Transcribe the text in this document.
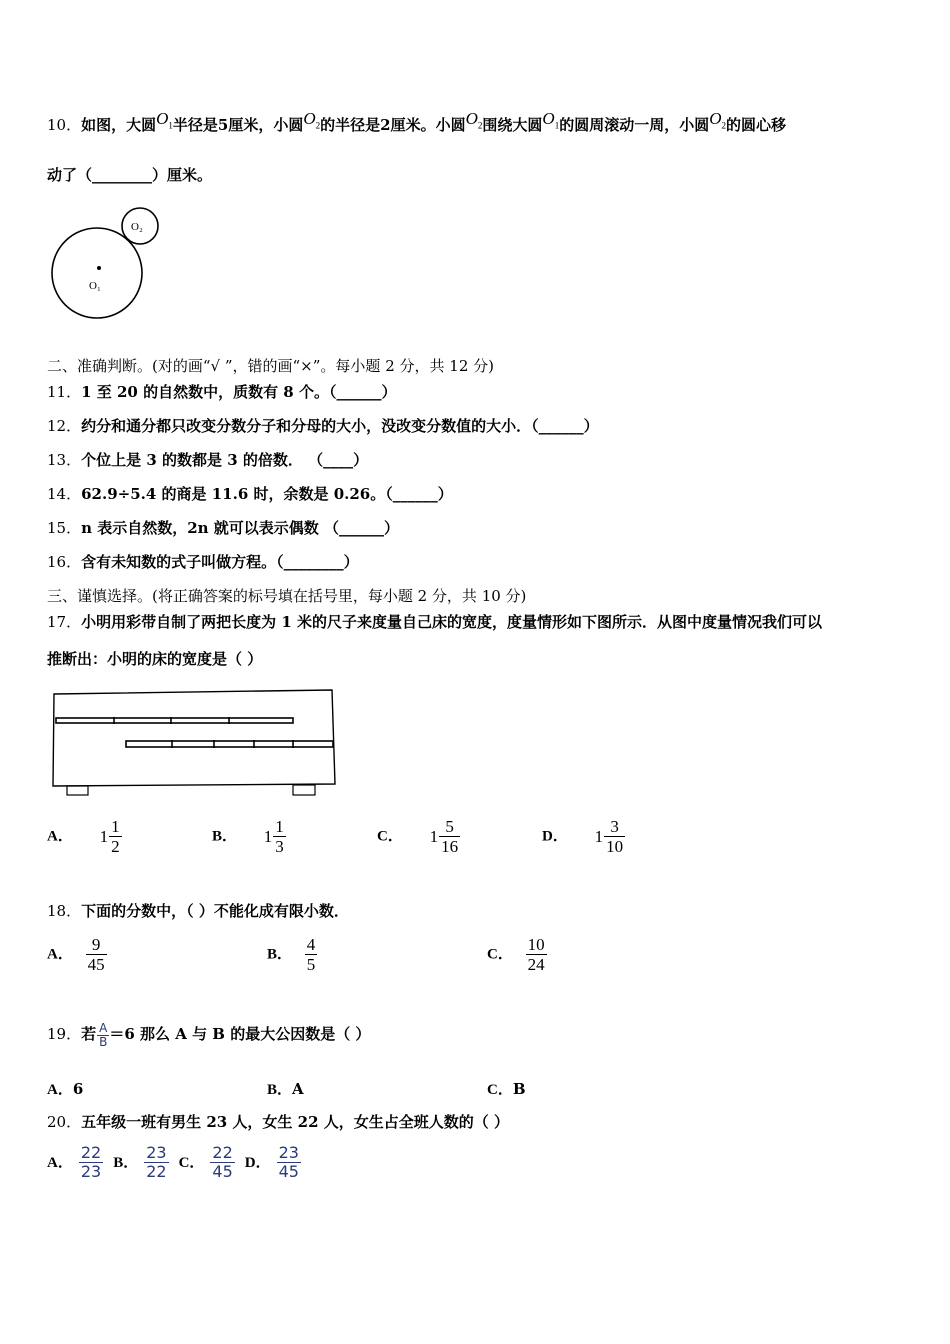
10．如图，大圆$O_1$半径是5厘米，小圆$O_2$的半径是2厘米。小圆$O_2$围绕大圆$O_1$的圆周滚动一周，小圆$O_2$的圆心移
动了（________）厘米。
O₁
O₂
二、准确判断。(对的画“√ ”，错的画“×”。每小题 2 分，共 12 分)
11．1 至 20 的自然数中，质数有 8 个。（______）
12．约分和通分都只改变分数分子和分母的大小，没改变分数值的大小．（______）
13．个位上是 3 的数都是 3 的倍数． （____）
14．62.9÷5.4 的商是 11.6 时，余数是 0.26。（______）
15．n 表示自然数，2n 就可以表示偶数 （______）
16．含有未知数的式子叫做方程。（________）
三、谨慎选择。(将正确答案的标号填在括号里，每小题 2 分，共 10 分)
17．小明用彩带自制了两把长度为 1 米的尺子来度量自己床的宽度，度量情形如下图所示．从图中度量情况我们可以
推断出：小明的床的宽度是（ ）
A． $1 \frac{1}{2}$	B． $1 \frac{1}{3}$	C． $1 \frac{5}{16}$	D． $1 \frac{3}{10}$
18．下面的分数中，（ ）不能化成有限小数．
A． $\frac{9}{45}$	B． $\frac{4}{5}$	C． $\frac{10}{24}$
19．若 $\frac{A}{B} =6$ 那么 A 与 B 的最大公因数是（ ）
A．6	B．A	C．B
20．五年级一班有男生 23 人，女生 22 人，女生占全班人数的（ ）
A． $\frac{22}{23}$ B． $\frac{23}{22}$ C． $\frac{22}{45}$ D． $\frac{23}{45}$
